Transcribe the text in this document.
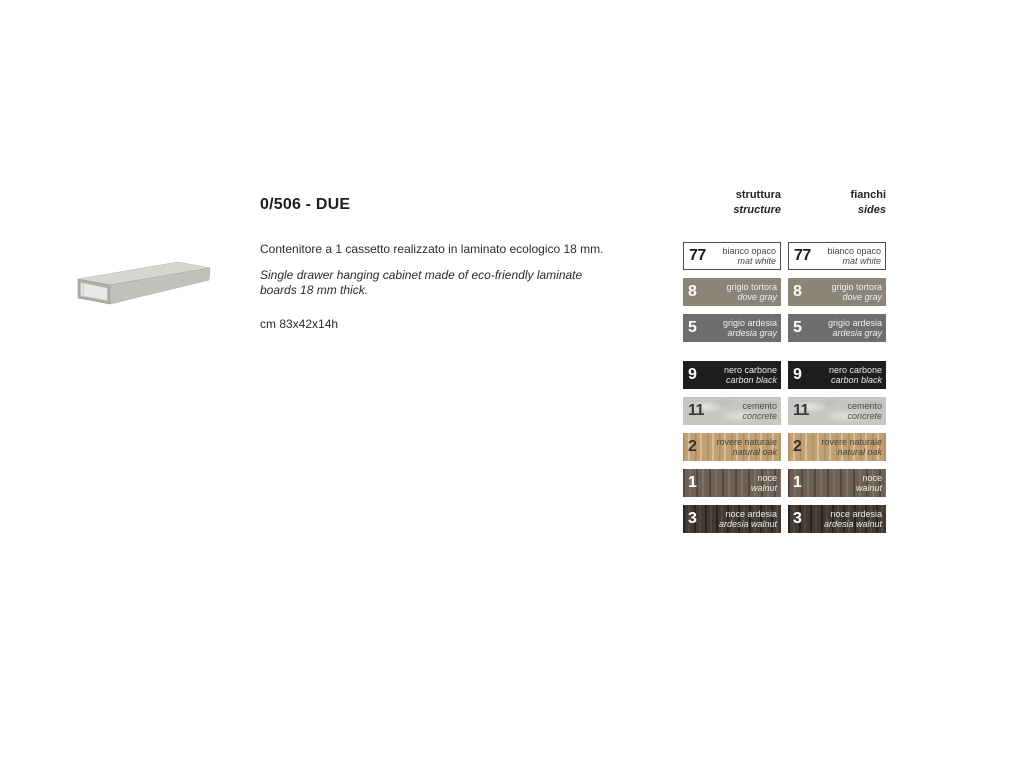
0/506 - DUE

Contenitore a 1 cassetto realizzato in laminato ecologico 18 mm.

Single drawer hanging cabinet made of eco-friendly laminate boards 18 mm thick.

cm 83x42x14h

struttura
structure
77 bianco opaco
mat white
8	grigio tortora
dove gray
5	grigio ardesia
ardesia gray
9	nero carbone
carbon black
11	cemento
concrete
2 rovere naturale
natural oak
1	noce
walnut
3	noce ardesia
ardesia walnut
fianchi
sides
77 bianco opaco
mat white
8	grigio tortora
dove gray
5	grigio ardesia
ardesia gray
9	nero carbone
carbon black
11	cemento
concrete
2 rovere naturale
natural oak
1	noce
walnut
3	noce ardesia
ardesia walnut
